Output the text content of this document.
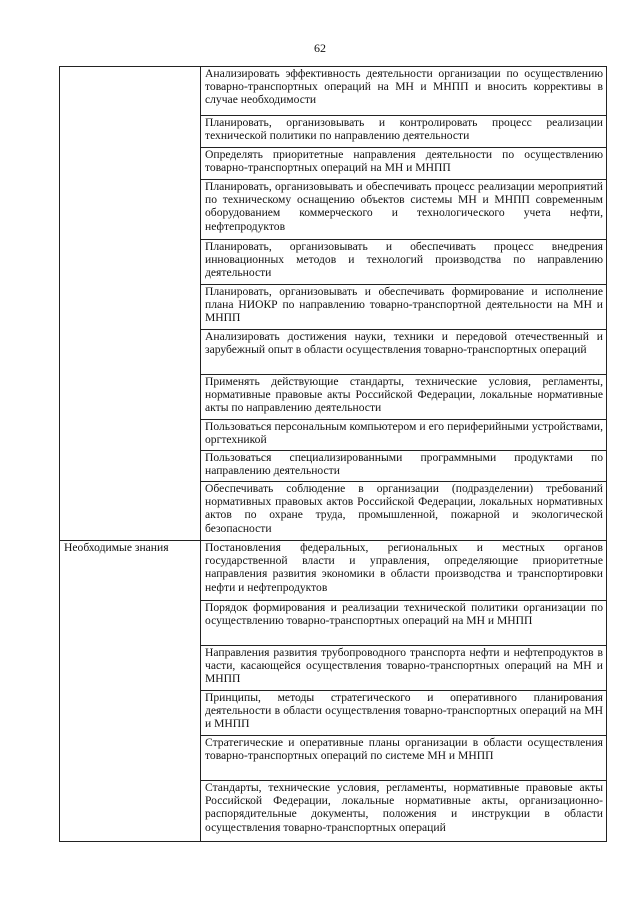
62

	Анализировать эффективность деятельности организации по осуществлению товарно-транспортных операций на МН и МНПП и вносить коррективы в случае необходимости

	Планировать, организовывать и контролировать процесс реализации технической политики по направлению деятельности

	Определять приоритетные направления деятельности по осуществлению товарно-транспортных операций на МН и МНПП

	Планировать, организовывать и обеспечивать процесс реализации мероприятий по техническому оснащению объектов системы МН и МНПП современным оборудованием коммерческого и технологического учета нефти, нефтепродуктов

	Планировать, организовывать и обеспечивать процесс внедрения инновационных методов и технологий производства по направлению деятельности

	Планировать, организовывать и обеспечивать формирование и исполнение плана НИОКР по направлению товарно-транспортной деятельности на МН и МНПП

	Анализировать достижения науки, техники и передовой отечественный и зарубежный опыт в области осуществления товарно-транспортных операций

	Применять действующие стандарты, технические условия, регламенты, нормативные правовые акты Российской Федерации, локальные нормативные акты по направлению деятельности

	Пользоваться персональным компьютером и его периферийными устройствами, оргтехникой

	Пользоваться специализированными программными продуктами по направлению деятельности

	Обеспечивать соблюдение в организации (подразделении) требований нормативных правовых актов Российской Федерации, локальных нормативных актов по охране труда, промышленной, пожарной и экологической безопасности

Необходимые знания	Постановления федеральных, региональных и местных органов государственной власти и управления, определяющие приоритетные направления развития экономики в области производства и транспортировки нефти и нефтепродуктов

	Порядок формирования и реализации технической политики организации по осуществлению товарно-транспортных операций на МН и МНПП

	Направления развития трубопроводного транспорта нефти и нефтепродуктов в части, касающейся осуществления товарно-транспортных операций на МН и МНПП

	Принципы, методы стратегического и оперативного планирования деятельности в области осуществления товарно-транспортных операций на МН и МНПП

	Стратегические и оперативные планы организации в области осуществления товарно-транспортных операций по системе МН и МНПП

	Стандарты, технические условия, регламенты, нормативные правовые акты Российской Федерации, локальные нормативные акты, организационно-распорядительные документы, положения и инструкции в области осуществления товарно-транспортных операций
